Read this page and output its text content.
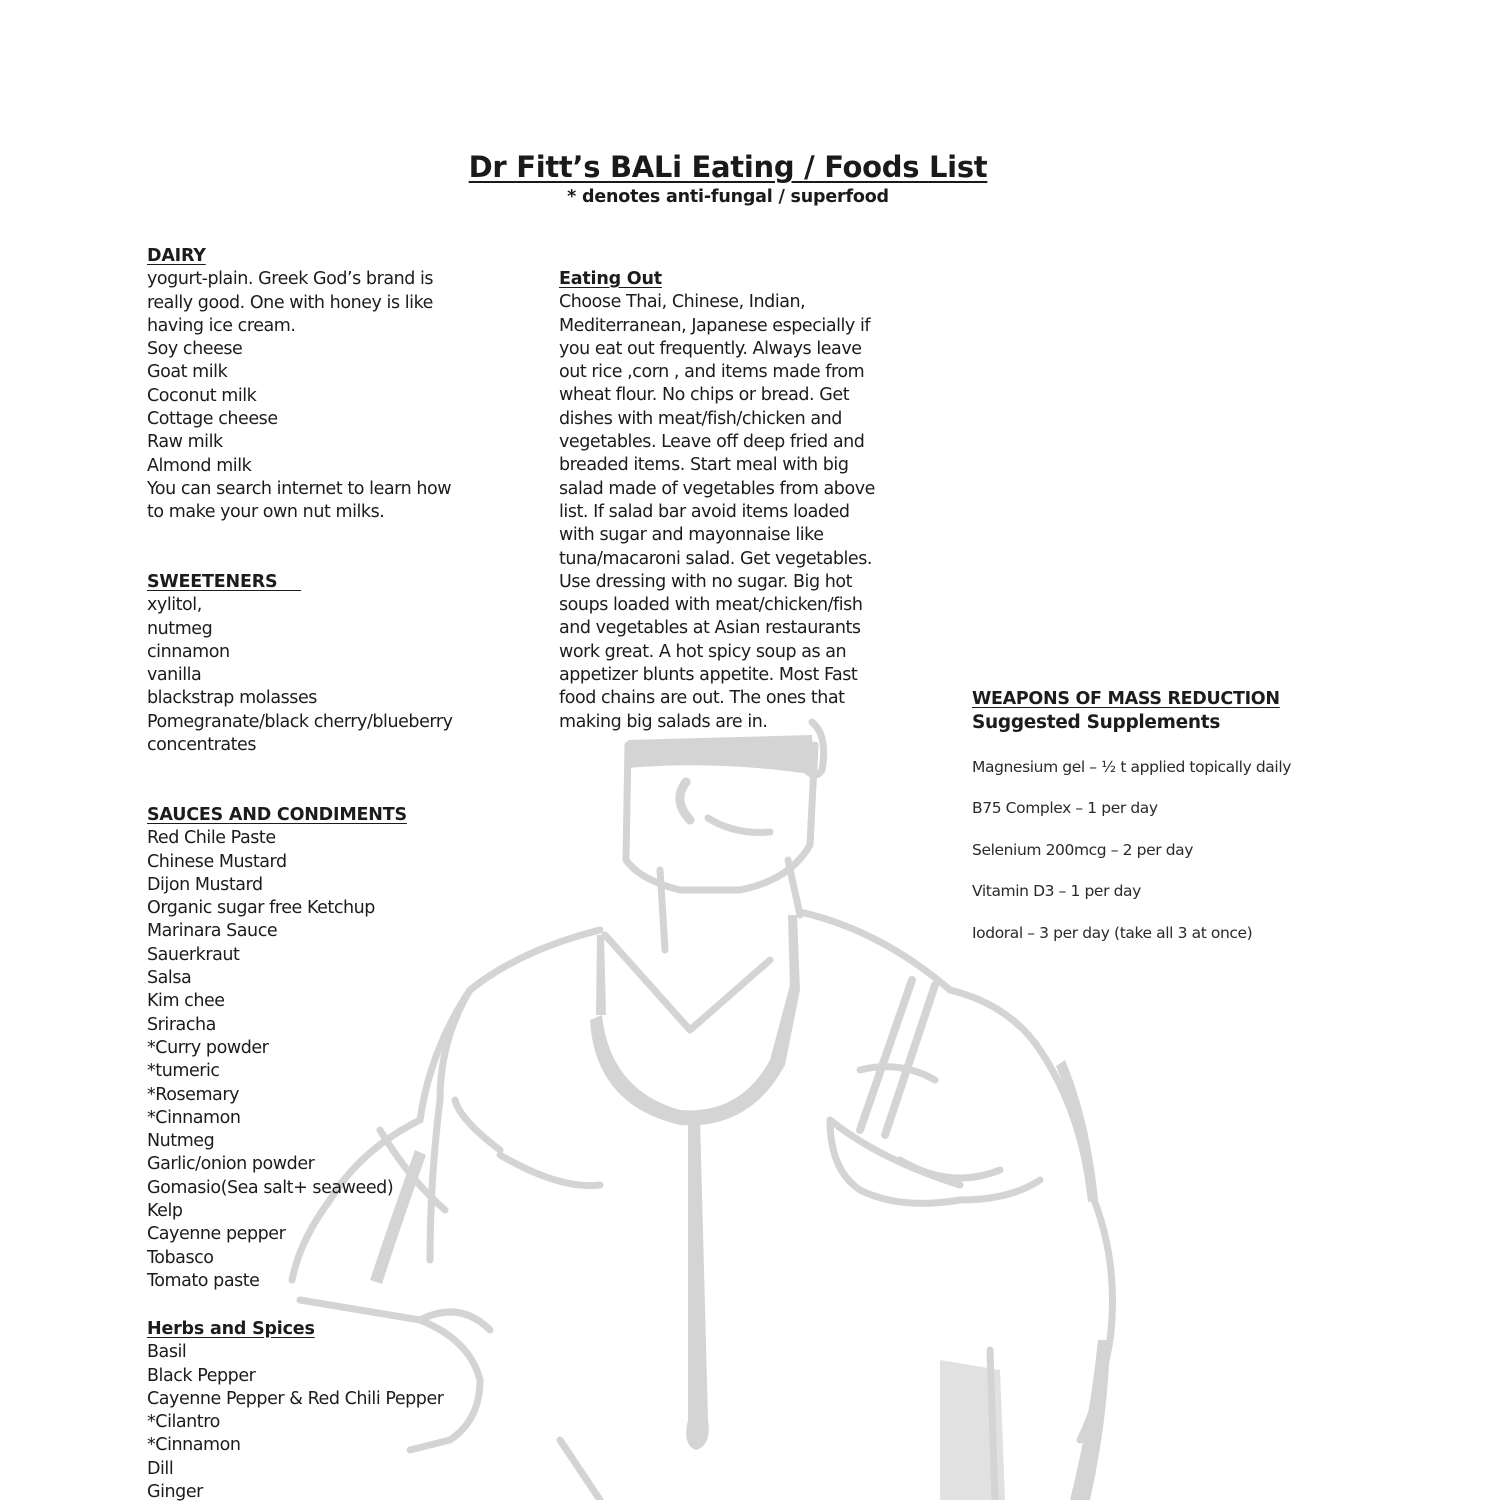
Dr Fitt’s BALi Eating / Foods List
* denotes anti-fungal / superfood
DAIRY
yogurt-plain. Greek God’s brand is
really good. One with honey is like
having ice cream.
Soy cheese
Goat milk
Coconut milk
Cottage cheese
Raw milk
Almond milk
You can search internet to learn how
to make your own nut milks.
SWEETENERS
xylitol,
nutmeg
cinnamon
vanilla
blackstrap molasses
Pomegranate/black cherry/blueberry
concentrates
SAUCES AND CONDIMENTS
Red Chile Paste
Chinese Mustard
Dijon Mustard
Organic sugar free Ketchup
Marinara Sauce
Sauerkraut
Salsa
Kim chee
Sriracha
*Curry powder
*tumeric
*Rosemary
*Cinnamon
Nutmeg
Garlic/onion powder
Gomasio(Sea salt+ seaweed)
Kelp
Cayenne pepper
Tobasco
Tomato paste
Herbs and Spices
Basil
Black Pepper
Cayenne Pepper & Red Chili Pepper
*Cilantro
*Cinnamon
Dill
Ginger
Eating Out
Choose Thai, Chinese, Indian,
Mediterranean, Japanese especially if
you eat out frequently. Always leave
out rice ,corn , and items made from
wheat flour. No chips or bread. Get
dishes with meat/fish/chicken and
vegetables. Leave off deep fried and
breaded items. Start meal with big
salad made of vegetables from above
list. If salad bar avoid items loaded
with sugar and mayonnaise like
tuna/macaroni salad. Get vegetables.
Use dressing with no sugar. Big hot
soups loaded with meat/chicken/fish
and vegetables at Asian restaurants
work great. A hot spicy soup as an
appetizer blunts appetite. Most Fast
food chains are out. The ones that
making big salads are in.
WEAPONS OF MASS REDUCTION
Suggested Supplements
Magnesium gel – ½ t applied topically daily
B75 Complex – 1 per day
Selenium 200mcg – 2 per day
Vitamin D3 – 1 per day
Iodoral – 3 per day (take all 3 at once)
